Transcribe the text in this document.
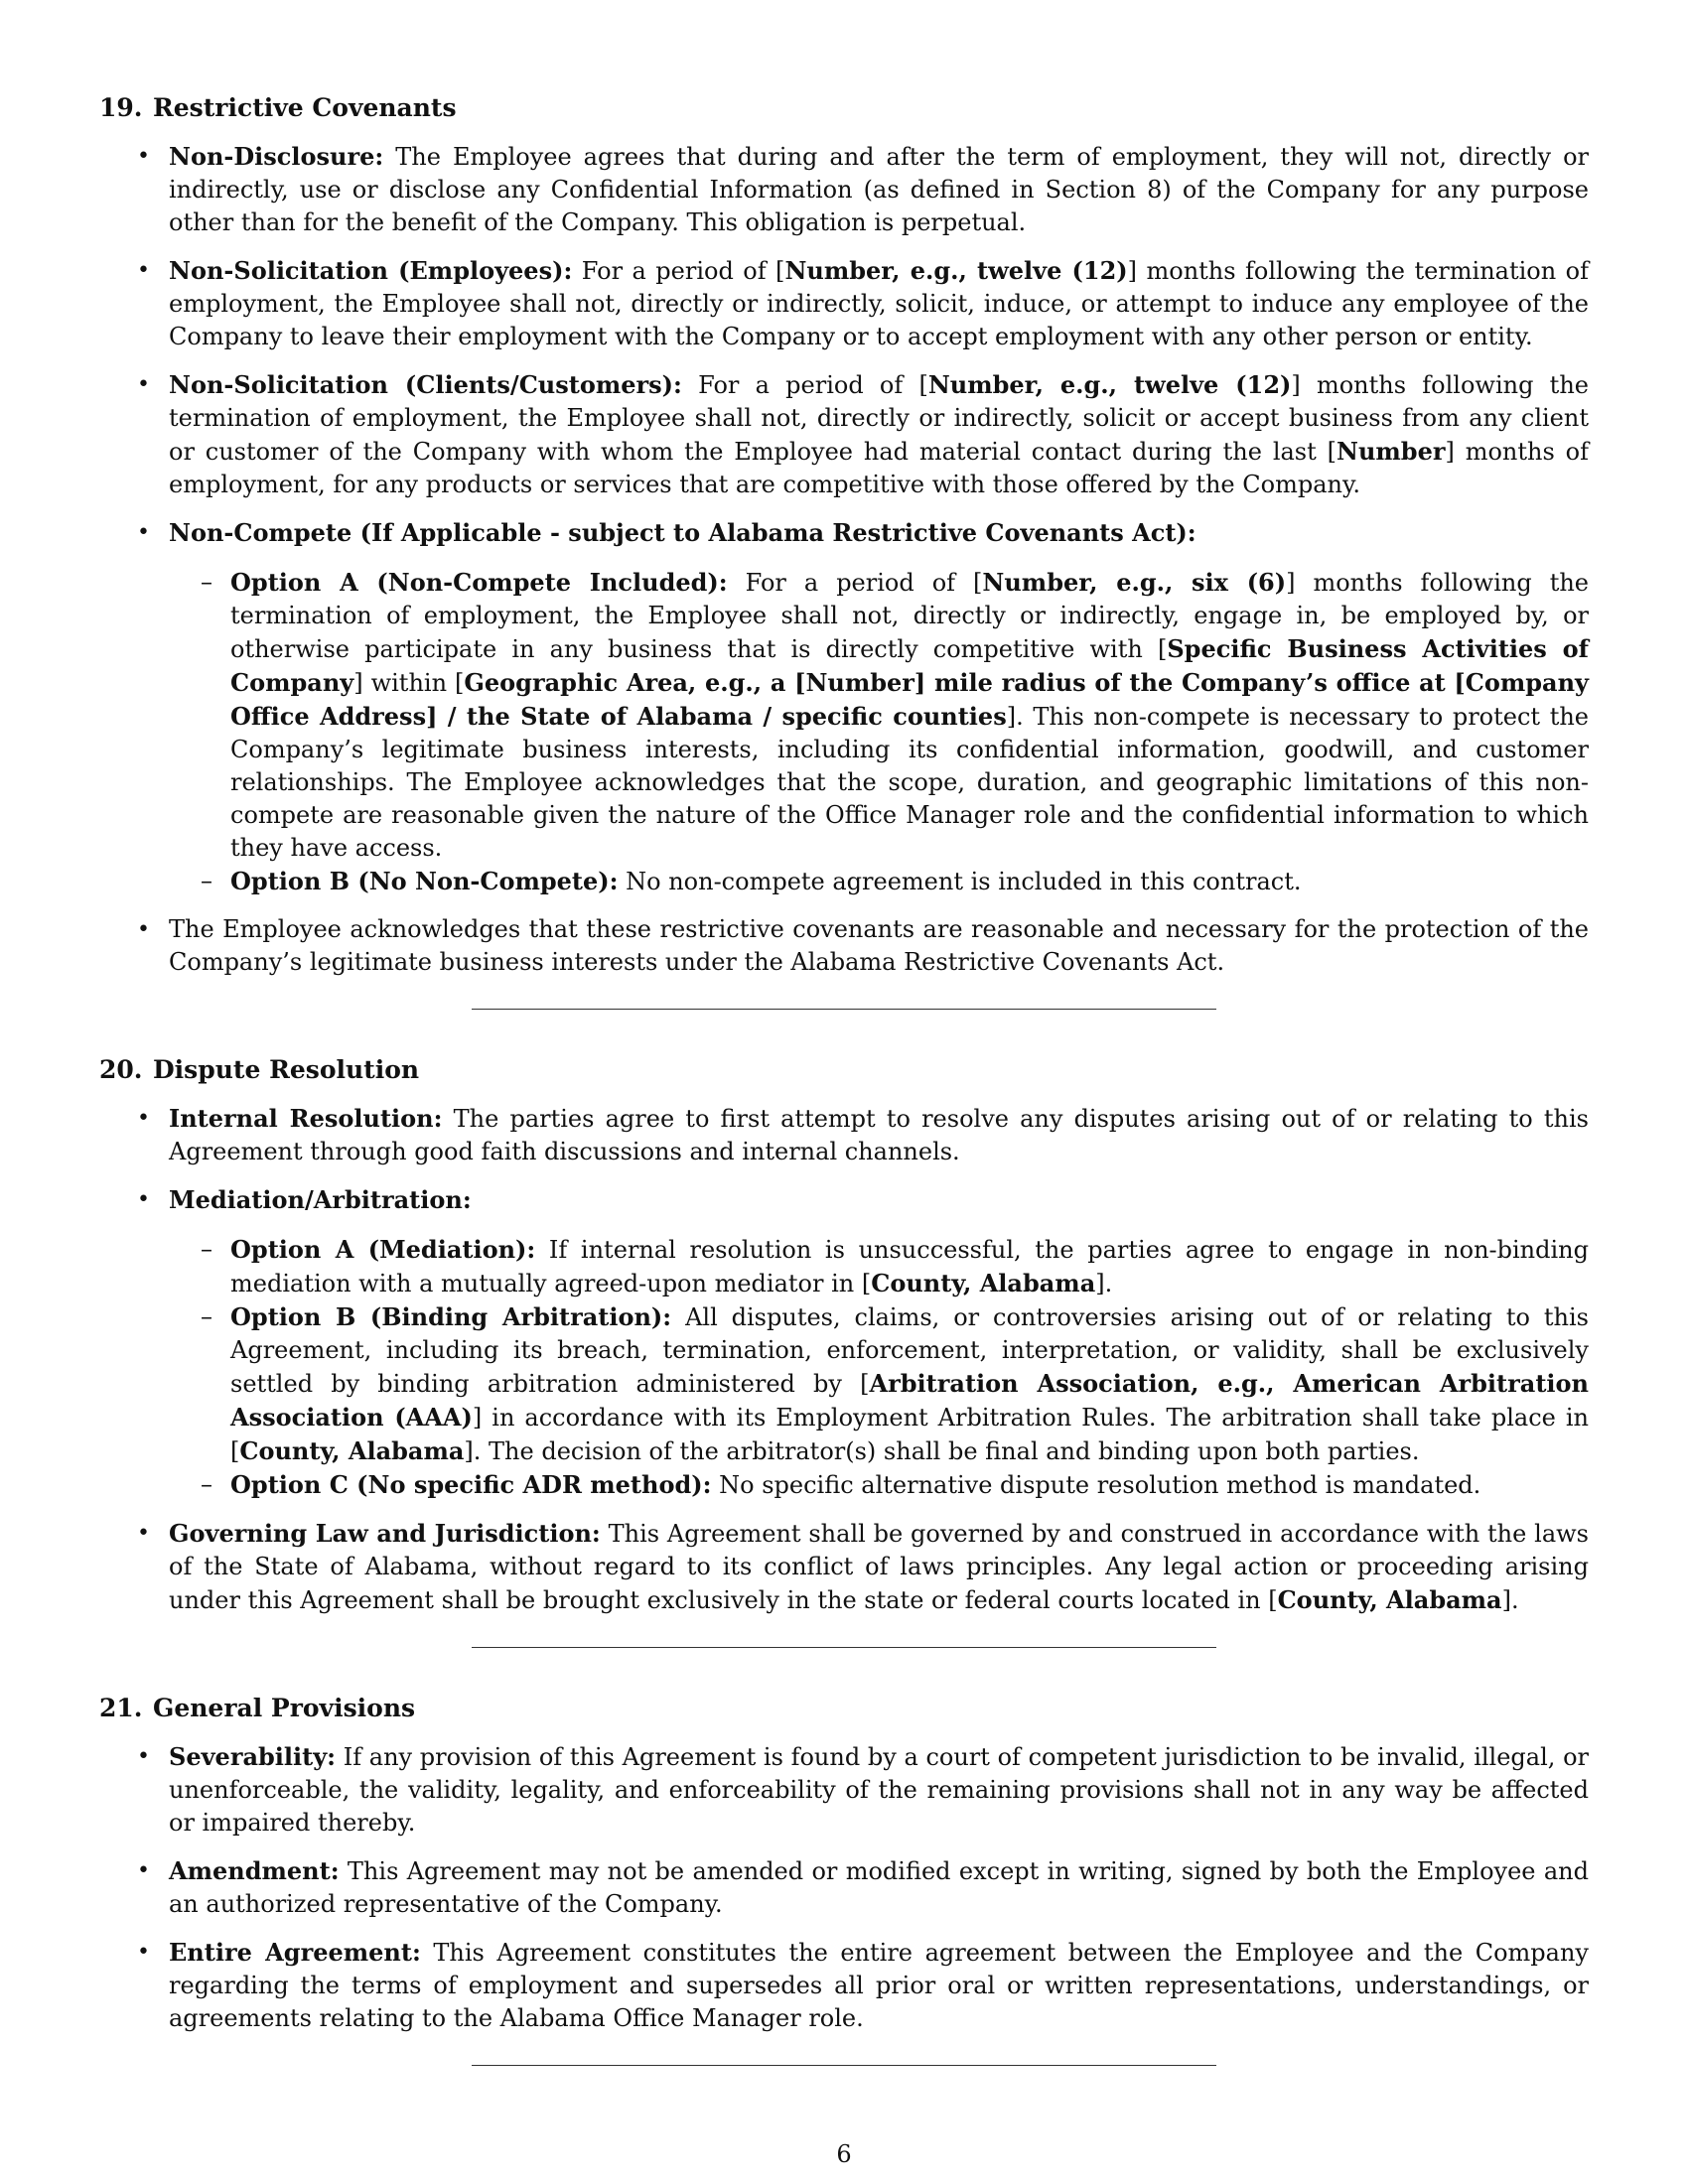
19. Restrictive Covenants
• Non-Disclosure: The Employee agrees that during and after the term of employment, they will not, directly or indirectly, use or disclose any Confidential Information (as defined in Section 8) of the Company for any purpose other than for the benefit of the Company. This obligation is perpetual.
• Non-Solicitation (Employees): For a period of [Number, e.g., twelve (12)] months following the termination of employment, the Employee shall not, directly or indirectly, solicit, induce, or attempt to induce any employee of the Company to leave their employment with the Company or to accept employment with any other person or entity.
• Non-Solicitation (Clients/Customers): For a period of [Number, e.g., twelve (12)] months following the termination of employment, the Employee shall not, directly or indirectly, solicit or accept business from any client or customer of the Company with whom the Employee had material contact during the last [Number] months of employment, for any products or services that are competitive with those offered by the Company.
• Non-Compete (If Applicable - subject to Alabama Restrictive Covenants Act):
– Option A (Non-Compete Included): For a period of [Number, e.g., six (6)] months following the termination of employment, the Employee shall not, directly or indirectly, engage in, be employed by, or otherwise participate in any business that is directly competitive with [Specific Business Activities of Company] within [Geographic Area, e.g., a [Number] mile radius of the Company’s office at [Company Office Address] / the State of Alabama / specific counties]. This non-compete is necessary to protect the Company’s legitimate business interests, including its confidential information, goodwill, and customer relationships. The Employee acknowledges that the scope, duration, and geographic limitations of this non-compete are reasonable given the nature of the Office Manager role and the confidential information to which they have access.
– Option B (No Non-Compete): No non-compete agreement is included in this contract.
• The Employee acknowledges that these restrictive covenants are reasonable and necessary for the protection of the Company’s legitimate business interests under the Alabama Restrictive Covenants Act.
20. Dispute Resolution
• Internal Resolution: The parties agree to first attempt to resolve any disputes arising out of or relating to this Agreement through good faith discussions and internal channels.
• Mediation/Arbitration:
– Option A (Mediation): If internal resolution is unsuccessful, the parties agree to engage in non-binding mediation with a mutually agreed-upon mediator in [County, Alabama].
– Option B (Binding Arbitration): All disputes, claims, or controversies arising out of or relating to this Agreement, including its breach, termination, enforcement, interpretation, or validity, shall be exclusively settled by binding arbitration administered by [Arbitration Association, e.g., American Arbitration Association (AAA)] in accordance with its Employment Arbitration Rules. The arbitration shall take place in [County, Alabama]. The decision of the arbitrator(s) shall be final and binding upon both parties.
– Option C (No specific ADR method): No specific alternative dispute resolution method is mandated.
• Governing Law and Jurisdiction: This Agreement shall be governed by and construed in accordance with the laws of the State of Alabama, without regard to its conflict of laws principles. Any legal action or proceeding arising under this Agreement shall be brought exclusively in the state or federal courts located in [County, Alabama].
21. General Provisions
• Severability: If any provision of this Agreement is found by a court of competent jurisdiction to be invalid, illegal, or unenforceable, the validity, legality, and enforceability of the remaining provisions shall not in any way be affected or impaired thereby.
• Amendment: This Agreement may not be amended or modified except in writing, signed by both the Employee and an authorized representative of the Company.
• Entire Agreement: This Agreement constitutes the entire agreement between the Employee and the Company regarding the terms of employment and supersedes all prior oral or written representations, understandings, or agreements relating to the Alabama Office Manager role.
6
